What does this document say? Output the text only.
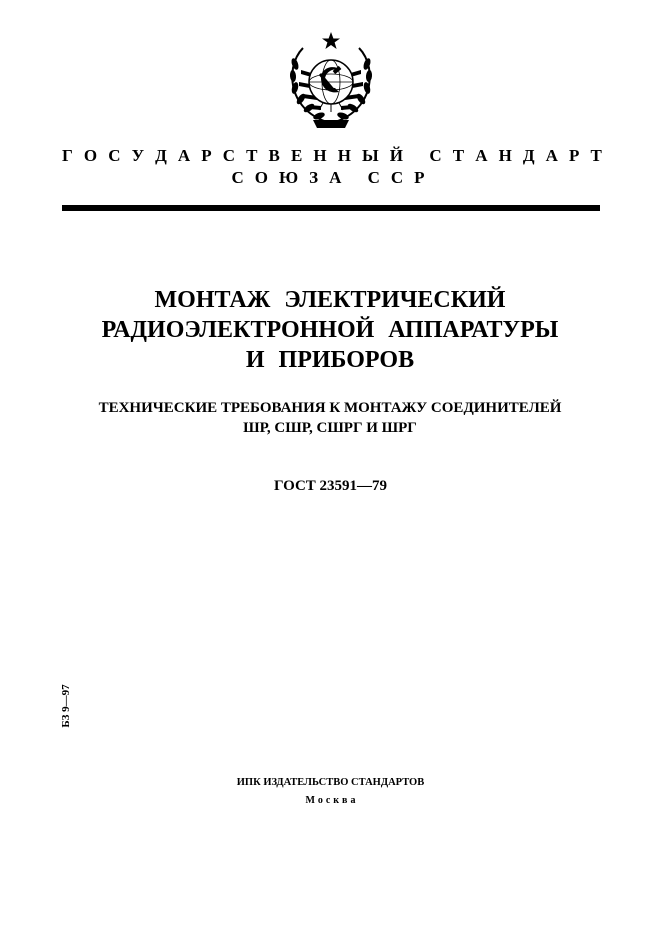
Г О С У Д А Р С Т В Е Н Н Ы Й
С Т А Н Д А Р Т
СОЮЗА ССР
МОНТАЖ ЭЛЕКТРИЧЕСКИЙ
РАДИОЭЛЕКТРОННОЙ АППАРАТУРЫ
И ПРИБОРОВ
ТЕХНИЧЕСКИЕ ТРЕБОВАНИЯ К МОНТАЖУ СОЕДИНИТЕЛЕЙ
ШР, СШР, СШРГ И ШРГ
ГОСТ 23591—79
БЗ 9—97
ИПК ИЗДАТЕЛЬСТВО СТАНДАРТОВ
Москва
